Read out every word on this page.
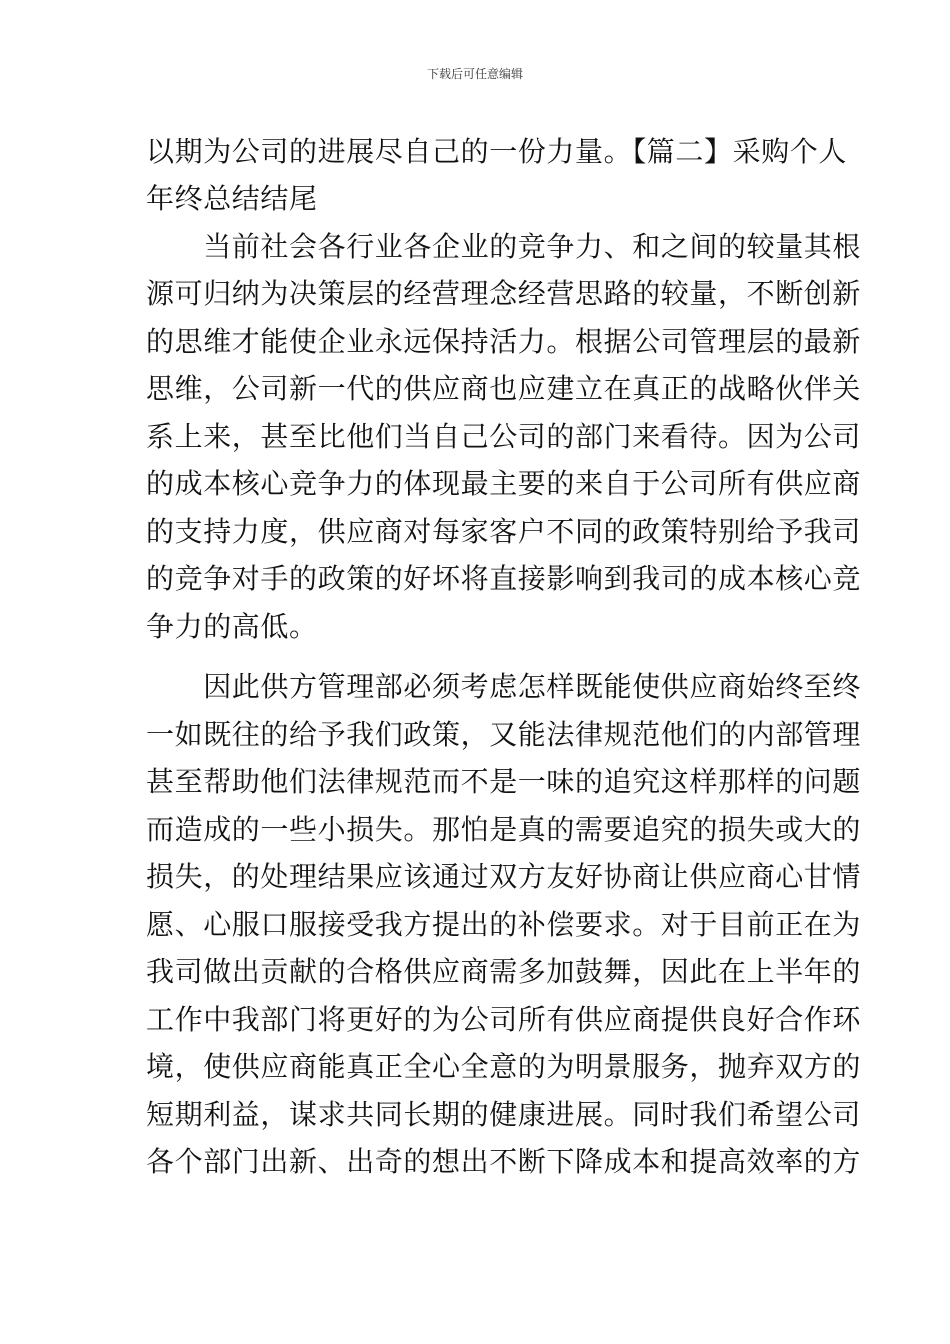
下载后可任意编辑
以期为公司的进展尽自己的一份力量。【篇二】采购个人
年终总结结尾
　　当前社会各行业各企业的竞争力、和之间的较量其根
源可归纳为决策层的经营理念经营思路的较量，不断创新
的思维才能使企业永远保持活力。根据公司管理层的最新
思维，公司新一代的供应商也应建立在真正的战略伙伴关
系上来，甚至比他们当自己公司的部门来看待。因为公司
的成本核心竞争力的体现最主要的来自于公司所有供应商
的支持力度，供应商对每家客户不同的政策特别给予我司
的竞争对手的政策的好坏将直接影响到我司的成本核心竞
争力的高低。
　　因此供方管理部必须考虑怎样既能使供应商始终至终
一如既往的给予我们政策，又能法律规范他们的内部管理
甚至帮助他们法律规范而不是一味的追究这样那样的问题
而造成的一些小损失。那怕是真的需要追究的损失或大的
损失，的处理结果应该通过双方友好协商让供应商心甘情
愿、心服口服接受我方提出的补偿要求。对于目前正在为
我司做出贡献的合格供应商需多加鼓舞，因此在上半年的
工作中我部门将更好的为公司所有供应商提供良好合作环
境，使供应商能真正全心全意的为明景服务，抛弃双方的
短期利益，谋求共同长期的健康进展。同时我们希望公司
各个部门出新、出奇的想出不断下降成本和提高效率的方
